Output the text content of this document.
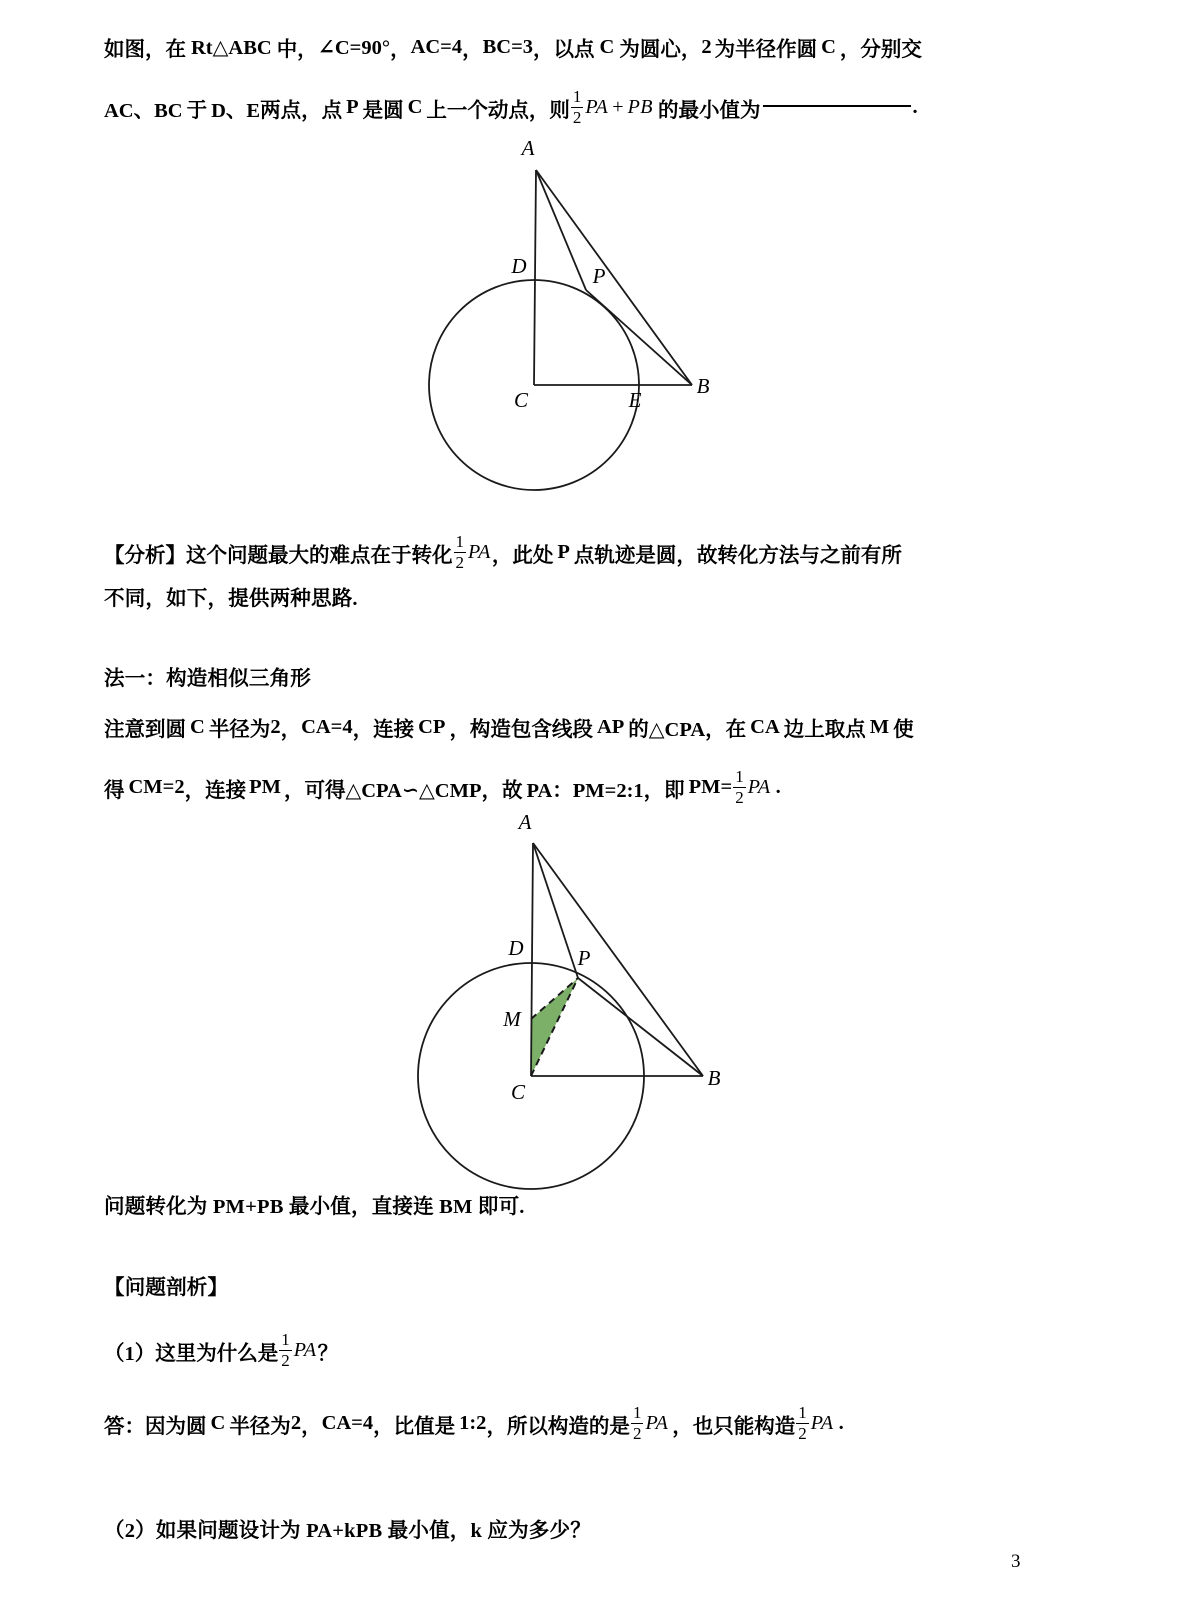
如图，在 Rt△ABC 中， ∠C=90° ， AC=4 ， BC=3 ，以点 C 为圆心， 2 为半径作圆 C ，分别交
AC、BC 于 D、E 两点，点 P 是圆 C 上一个动点，则 $\frac{1}{2}$ PA + PB 的最小值为	.
A
B
C
D
E
P
【分析】 这个问题最大的难点在于转化 $\frac{1}{2}$ PA ，此处 P 点轨迹是圆，故转化方法与之前有所
不同，如下，提供两种思路.
法一：构造相似三角形
注意到圆 C 半径为 2 ， CA=4 ，连接 CP ，构造包含线段 AP 的△CPA，在 CA 边上取点 M 使
得 CM=2 ，连接 PM ，可得△CPA∽△CMP，故 PA：PM=2:1 ，即 $PM= \frac{1}{2}$ PA .
A
B
C
D
M
P
问题转化为 PM+PB 最小值，直接连 BM 即可.
【问题剖析】
（1）这里为什么是 $\frac{1}{2}$ PA ？
答：因为圆 C 半径为 2 ， CA=4 ，比值是 1:2 ，所以构造的是 $\frac{1}{2}$ PA ，也只能构造 $\frac{1}{2}$ PA .
（2）如果问题设计为 PA+kPB 最小值，k 应为多少？
3
